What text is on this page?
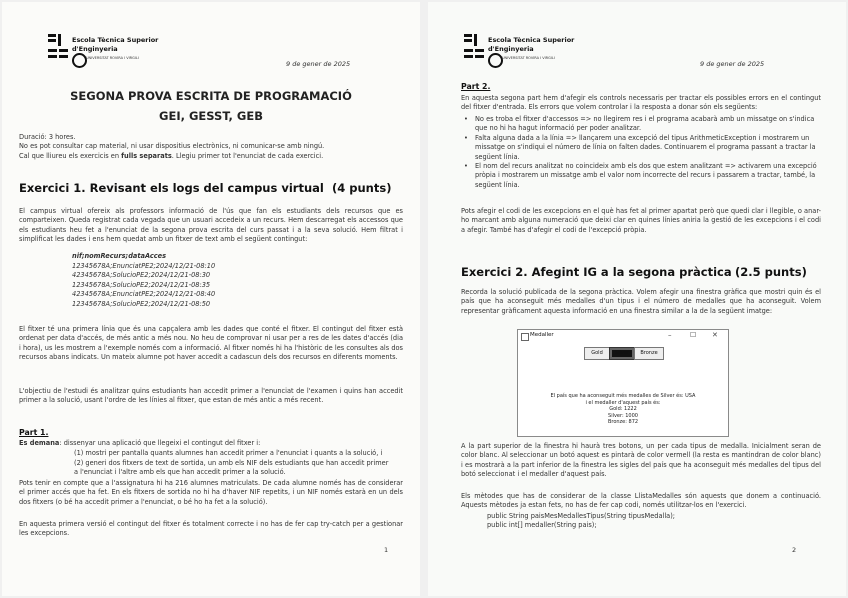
Escola Tècnica Superior
d'Enginyeria
UNIVERSITAT ROVIRA I VIRGILI
9 de gener de 2025
SEGONA PROVA ESCRITA DE PROGRAMACIÓ
GEI, GESST, GEB
Duració: 3 hores.
No es pot consultar cap material, ni usar dispositius electrònics, ni comunicar-se amb ningú.
Cal que lliureu els exercicis en fulls separats. Llegiu primer tot l'enunciat de cada exercici.
Exercici 1. Revisant els logs del campus virtual (4 punts)
El campus virtual ofereix als professors informació de l'ús que fan els estudiants dels recursos que es comparteixen. Queda registrat cada vegada que un usuari accedeix a un recurs. Hem descarregat els accessos que els estudiants heu fet a l'enunciat de la segona prova escrita del curs passat i a la seva solució. Hem filtrat i simplificat les dades i ens hem quedat amb un fitxer de text amb el següent contingut:
nif;nomRecurs;dataAcces
12345678A;EnunciatPE2;2024/12/21-08:10
42345678A;SolucioPE2;2024/12/21-08:30
12345678A;SolucioPE2;2024/12/21-08:35
42345678A;EnunciatPE2;2024/12/21-08:40
12345678A;SolucioPE2;2024/12/21-08:50
El fitxer té una primera línia que és una capçalera amb les dades que conté el fitxer. El contingut del fitxer està ordenat per data d'accés, de més antic a més nou. No heu de comprovar ni usar per a res de les dates d'accés (dia i hora), us les mostrem a l'exemple només com a informació. Al fitxer només hi ha l'històric de les consultes als dos recursos abans indicats. Un mateix alumne pot haver accedit a cadascun dels dos recursos en diferents moments.
L'objectiu de l'estudi és analitzar quins estudiants han accedit primer a l'enunciat de l'examen i quins han accedit primer a la solució, usant l'ordre de les línies al fitxer, que estan de més antic a més recent.
Part 1.
Es demana: dissenyar una aplicació que llegeixi el contingut del fitxer i:
(1) mostri per pantalla quants alumnes han accedit primer a l'enunciat i quants a la solució, i
(2) generi dos fitxers de text de sortida, un amb els NIF dels estudiants que han accedit primer a l'enunciat i l'altre amb els que han accedit primer a la solució.
Pots tenir en compte que a l'assignatura hi ha 216 alumnes matriculats. De cada alumne només has de considerar el primer accés que ha fet. En els fitxers de sortida no hi ha d'haver NIF repetits, i un NIF només estarà en un dels dos fitxers (o bé ha accedit primer a l'enunciat, o bé ho ha fet a la solució).
En aquesta primera versió el contingut del fitxer és totalment correcte i no has de fer cap try-catch per a gestionar les excepcions.
1
Escola Tècnica Superior
d'Enginyeria
UNIVERSITAT ROVIRA I VIRGILI
9 de gener de 2025
Part 2.
En aquesta segona part hem d'afegir els controls necessaris per tractar els possibles errors en el contingut del fitxer d'entrada. Els errors que volem controlar i la resposta a donar són els següents:
• No es troba el fitxer d'accessos => no llegirem res i el programa acabarà amb un missatge on s'indica que no hi ha hagut informació per poder analitzar.
• Falta alguna dada a la línia => llançarem una excepció del tipus ArithmeticException i mostrarem un missatge on s'indiqui el número de línia on falten dades. Continuarem el programa passant a tractar la següent línia.
• El nom del recurs analitzat no coincideix amb els dos que estem analitzant => activarem una excepció pròpia i mostrarem un missatge amb el valor nom incorrecte del recurs i passarem a tractar, també, la següent línia.
Pots afegir el codi de les excepcions en el què has fet al primer apartat però que quedi clar i llegible, o anar-ho marcant amb alguna numeració que deixi clar en quines línies aniria la gestió de les excepcions i el codi a afegir. També has d'afegir el codi de l'excepció pròpia.
Exercici 2. Afegint IG a la segona pràctica (2.5 punts)
Recorda la solució publicada de la segona pràctica. Volem afegir una finestra gràfica que mostri quin és el país que ha aconseguit més medalles d'un tipus i el número de medalles que ha aconseguit. Volem representar gràficament aquesta informació en una finestra similar a la de la següent imatge:
Medaller	–	☐ ✕
Gold	Silver	Bronze
El país que ha aconseguit més medalles de Silver és: USA
i el medaller d'aquest país és:
Gold: 1222
Silver: 1000
Bronze: 872
A la part superior de la finestra hi haurà tres botons, un per cada tipus de medalla. Inicialment seran de color blanc. Al seleccionar un botó aquest es pintarà de color vermell (la resta es mantindran de color blanc) i es mostrarà a la part inferior de la finestra les sigles del país que ha aconseguit més medalles del tipus del botó seleccionat i el medaller d'aquest país.
Els mètodes que has de considerar de la classe LlistaMedalles són aquests que donem a continuació. Aquests mètodes ja estan fets, no has de fer cap codi, només utilitzar-los en l'exercici.
public String paisMesMedallesTipus(String tipusMedalla);
public int[] medaller(String pais);
2
